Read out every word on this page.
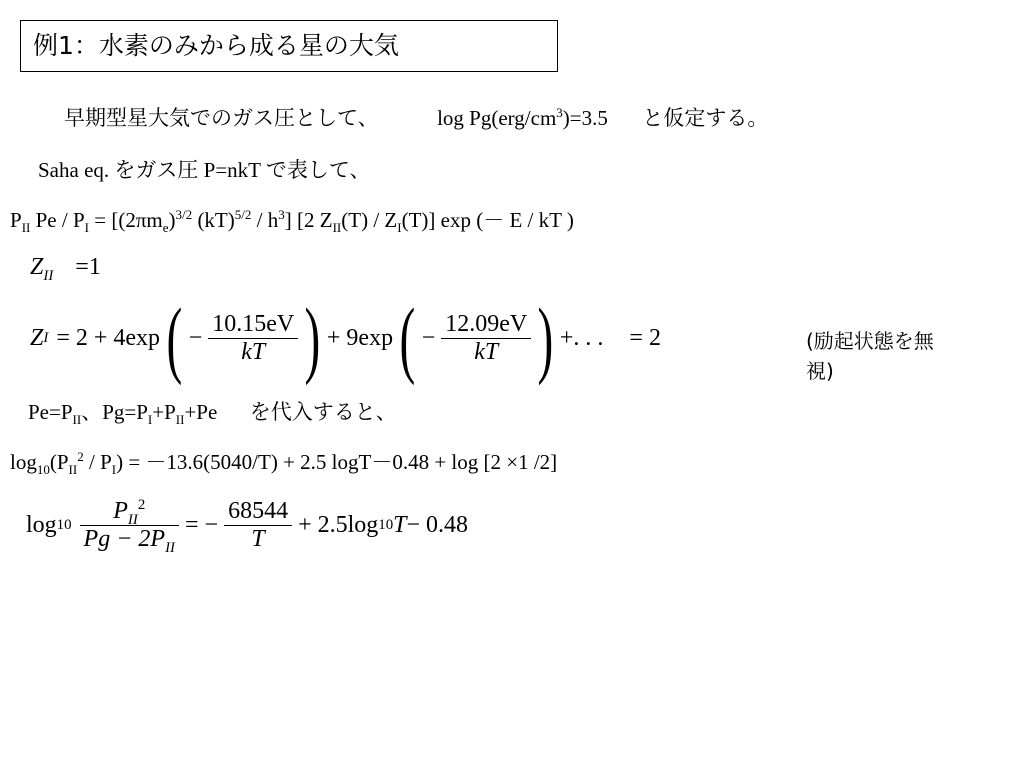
例1：水素のみから成る星の大気
早期型星大気でのガス圧として、	$\log Pg(erg/cm^3)=3.5$ と仮定する。
Saha eq. をガス圧 P=nkT で表して、
$P_{II}$ $Pe / P_I = [(2\pi m_e)^{3/2}$ $(kT)^{5/2} / h^3$] [2 $Z_{II}(T) / Z_I(T)$] exp (－ E / kT )
$Z_{II} =1$
Z I = 2 + 4exp ( − $\frac{10.15eV}{kT}$ ) + 9exp ( − $\frac{12.09eV}{kT}$ ) +. . . = 2	(励起状態を無
視)
$Pe=P_{II}$、$Pg=P_I+P_{II}+Pe$ を代入すると、
$\log_{10}(P_{II}^2 / P_I) = -13.6(5040/T) + 2.5$ logT－0.48 + log [2 ×1 /2]
$\log 10 \frac{P_{II}^2}{Pg - 2P_{II}}$ = − $\frac{68544}{T} + 2.5\log$ 10 T − 0.48
